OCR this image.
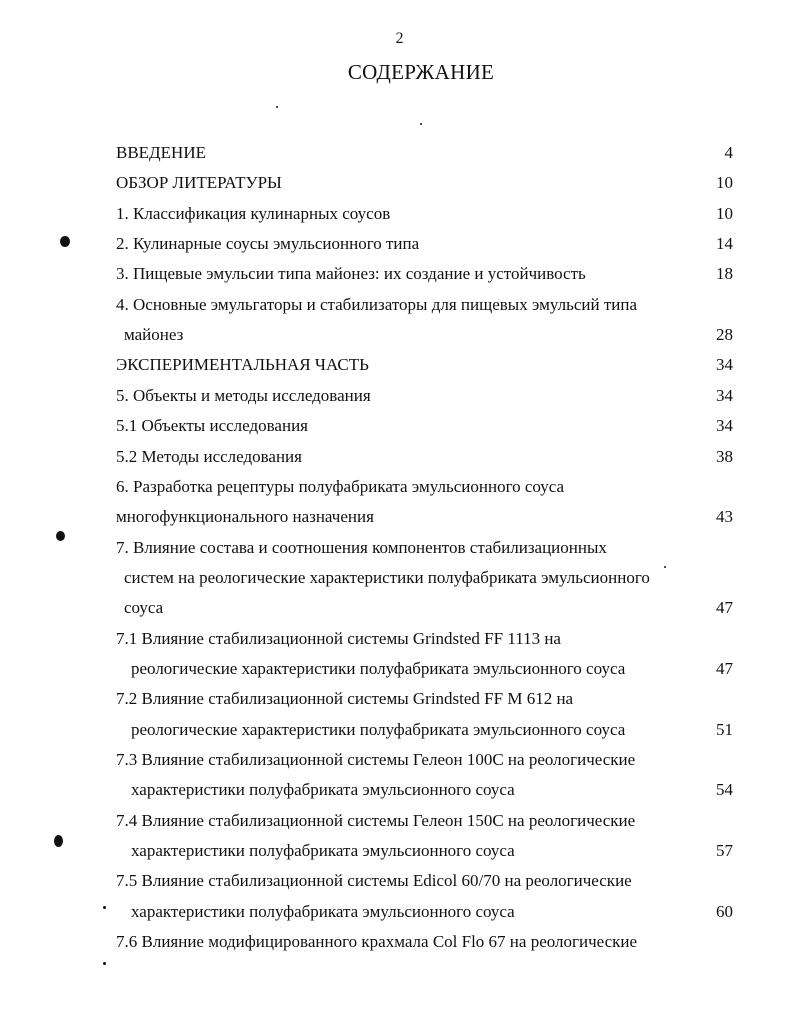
2
СОДЕРЖАНИЕ
ВВЕДЕНИЕ	4
ОБЗОР ЛИТЕРАТУРЫ	10
1. Классификация кулинарных соусов	10
2. Кулинарные соусы эмульсионного типа	14
3. Пищевые эмульсии типа майонез: их создание и устойчивость	18
4. Основные эмульгаторы и стабилизаторы для пищевых эмульсий типа
майонез	28
ЭКСПЕРИМЕНТАЛЬНАЯ ЧАСТЬ	34
5. Объекты и методы исследования	34
5.1 Объекты исследования	34
5.2 Методы исследования	38
6. Разработка рецептуры полуфабриката эмульсионного соуса
многофункционального назначения	43
7. Влияние состава и соотношения компонентов стабилизационных
систем на реологические характеристики полуфабриката эмульсионного
соуса	47
7.1 Влияние стабилизационной системы Grindsted FF 1113 на
реологические характеристики полуфабриката эмульсионного соуса	47
7.2 Влияние стабилизационной системы Grindsted FF M 612 на
реологические характеристики полуфабриката эмульсионного соуса	51
7.3 Влияние стабилизационной системы Гелеон 100С на реологические
характеристики полуфабриката эмульсионного соуса	54
7.4 Влияние стабилизационной системы Гелеон 150С на реологические
характеристики полуфабриката эмульсионного соуса	57
7.5 Влияние стабилизационной системы Edicol 60/70 на реологические
характеристики полуфабриката эмульсионного соуса	60
7.6 Влияние модифицированного крахмала Col Flo 67 на реологические
